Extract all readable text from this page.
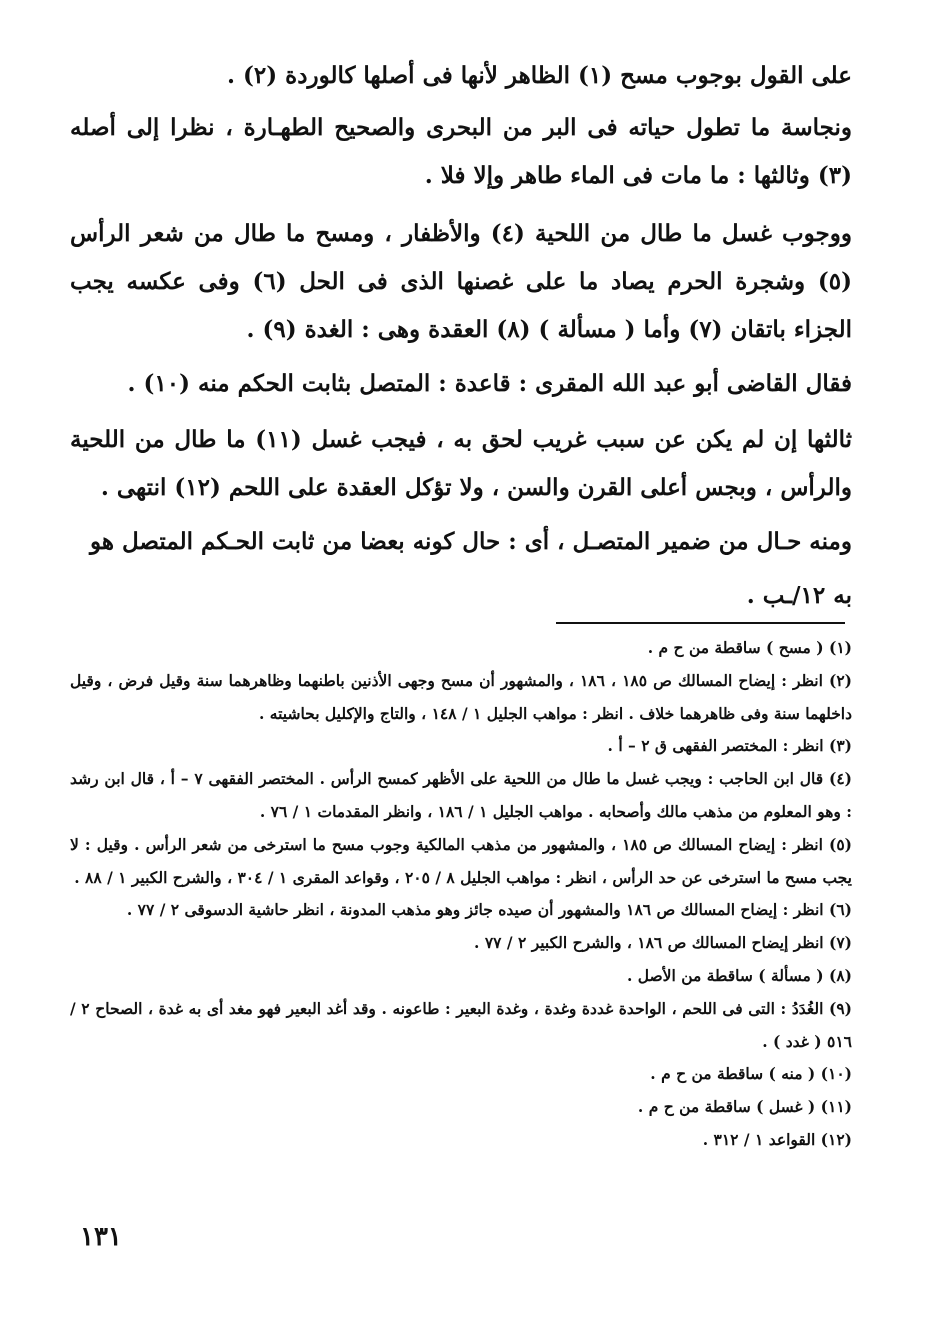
على القول بوجوب مسح (١) الظاهر لأنها فى أصلها كالوردة (٢) .

ونجاسة ما تطول حياته فى البر من البحرى والصحيح الطهـارة ، نظرا إلى أصله (٣) وثالثها : ما مات فى الماء طاهر وإلا فلا .

ووجوب غسل ما طال من اللحية (٤) والأظفار ، ومسح ما طال من شعر الرأس (٥) وشجرة الحرم يصاد ما على غصنها الذى فى الحل (٦) وفى عكسه يجب الجزاء باتقان (٧) وأما ( مسألة ) (٨) العقدة وهى : الغدة (٩) .

فقال القاضى أبو عبد الله المقرى : قاعدة : المتصل بثابت الحكم منه (١٠) .

ثالثها إن لم يكن عن سبب غريب لحق به ، فيجب غسل (١١) ما طال من اللحية والرأس ، وبجس أعلى القرن والسن ، ولا تؤكل العقدة على اللحم (١٢) انتهى .

ومنه حـال من ضمير المتصـل ، أى : حال كونه بعضا من ثابت الحـكم المتصل هو

به ١٢/ـب .

(١) ( مسح ) ساقطة من ح م .

(٢) انظر : إيضاح المسالك ص ١٨٥ ، ١٨٦ ، والمشهور أن مسح وجهى الأذنين باطنهما وظاهرهما سنة وقيل فرض ، وقيل داخلهما سنة وفى ظاهرهما خلاف . انظر : مواهب الجليل ١ / ١٤٨ ، والتاج والإكليل بحاشيته .

(٣) انظر : المختصر الفقهى ق ٢ – أ .

(٤) قال ابن الحاجب : ويجب غسل ما طال من اللحية على الأظهر كمسح الرأس . المختصر الفقهى ٧ – أ ، قال ابن رشد : وهو المعلوم من مذهب مالك وأصحابه . مواهب الجليل ١ / ١٨٦ ، وانظر المقدمات ١ / ٧٦ .

(٥) انظر : إيضاح المسالك ص ١٨٥ ، والمشهور من مذهب المالكية وجوب مسح ما استرخى من شعر الرأس . وقيل : لا يجب مسح ما استرخى عن حد الرأس ، انظر : مواهب الجليل ٨ / ٢٠٥ ، وقواعد المقرى ١ / ٣٠٤ ، والشرح الكبير ١ / ٨٨ .

(٦) انظر : إيضاح المسالك ص ١٨٦ والمشهور أن صيده جائز وهو مذهب المدونة ، انظر حاشية الدسوقى ٢ / ٧٧ .

(٧) انظر إيضاح المسالك ص ١٨٦ ، والشرح الكبير ٢ / ٧٧ .

(٨) ( مسألة ) ساقطة من الأصل .

(٩) الغُدَدُ : التى فى اللحم ، الواحدة غددة وغدة ، وغدة البعير : طاعونه . وقد أغد البعير فهو مغد أى به غدة ، الصحاح ٢ / ٥١٦ ( غدد ) .

(١٠) ( منه ) ساقطة من ح م .

(١١) ( غسل ) ساقطة من ح م .

(١٢) القواعد ١ / ٣١٢ .

١٣١
